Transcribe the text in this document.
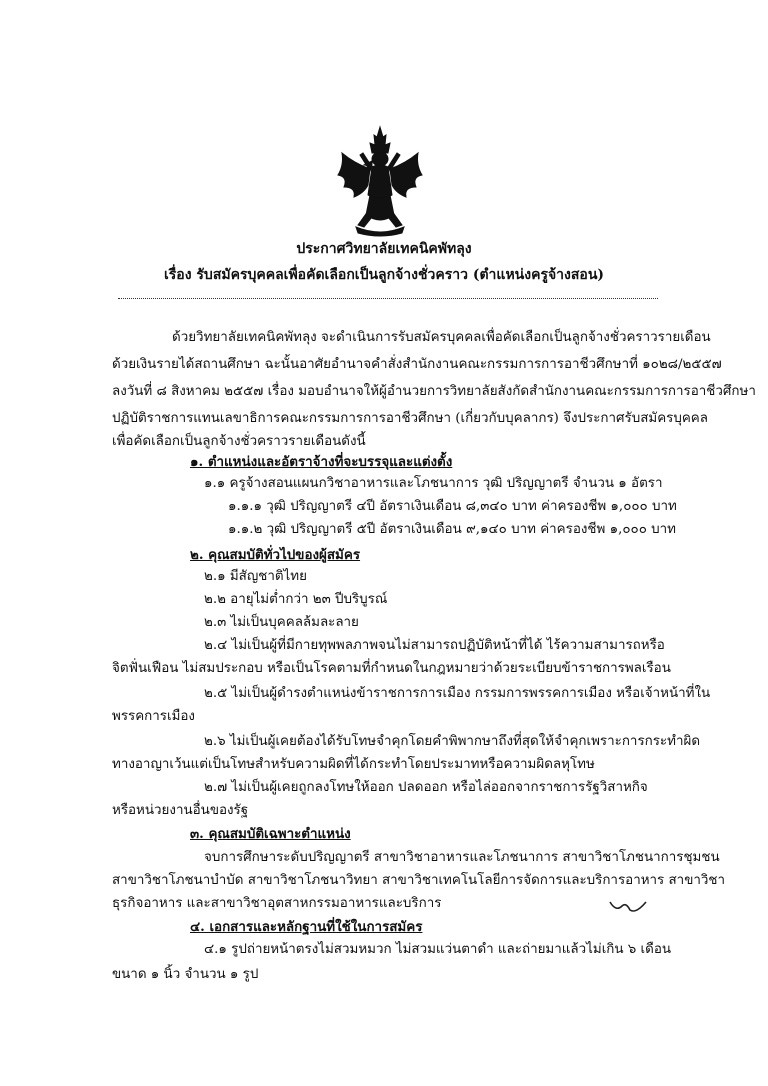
ประกาศวิทยาลัยเทคนิคพัทลุง
เรื่อง รับสมัครบุคคลเพื่อคัดเลือกเป็นลูกจ้างชั่วคราว (ตำแหน่งครูจ้างสอน)
ด้วยวิทยาลัยเทคนิคพัทลุง จะดำเนินการรับสมัครบุคคลเพื่อคัดเลือกเป็นลูกจ้างชั่วคราวรายเดือน
ด้วยเงินรายได้สถานศึกษา ฉะนั้นอาศัยอำนาจคำสั่งสำนักงานคณะกรรมการการอาชีวศึกษาที่ ๑๐๒๘/๒๕๕๗
ลงวันที่ ๘ สิงหาคม ๒๕๕๗ เรื่อง มอบอำนาจให้ผู้อำนวยการวิทยาลัยสังกัดสำนักงานคณะกรรมการการอาชีวศึกษา
ปฏิบัติราชการแทนเลขาธิการคณะกรรมการการอาชีวศึกษา (เกี่ยวกับบุคลากร) จึงประกาศรับสมัครบุคคล
เพื่อคัดเลือกเป็นลูกจ้างชั่วคราวรายเดือนดังนี้
๑. ตำแหน่งและอัตราจ้างที่จะบรรจุและแต่งตั้ง
๑.๑ ครูจ้างสอนแผนกวิชาอาหารและโภชนาการ วุฒิ ปริญญาตรี จำนวน ๑ อัตรา
๑.๑.๑ วุฒิ ปริญญาตรี ๔ปี อัตราเงินเดือน ๘,๓๔๐ บาท ค่าครองชีพ ๑,๐๐๐ บาท
๑.๑.๒ วุฒิ ปริญญาตรี ๕ปี อัตราเงินเดือน ๙,๑๔๐ บาท ค่าครองชีพ ๑,๐๐๐ บาท
๒. คุณสมบัติทั่วไปของผู้สมัคร
๒.๑ มีสัญชาติไทย
๒.๒ อายุไม่ต่ำกว่า ๒๓ ปีบริบูรณ์
๒.๓ ไม่เป็นบุคคลล้มละลาย
๒.๔ ไม่เป็นผู้ที่มีกายทุพพลภาพจนไม่สามารถปฏิบัติหน้าที่ได้ ไร้ความสามารถหรือ
จิตฟั่นเฟือน ไม่สมประกอบ หรือเป็นโรคตามที่กำหนดในกฎหมายว่าด้วยระเบียบข้าราชการพลเรือน
๒.๕ ไม่เป็นผู้ดำรงตำแหน่งข้าราชการการเมือง กรรมการพรรคการเมือง หรือเจ้าหน้าที่ใน
พรรคการเมือง
๒.๖ ไม่เป็นผู้เคยต้องได้รับโทษจำคุกโดยคำพิพากษาถึงที่สุดให้จำคุกเพราะการกระทำผิด
ทางอาญาเว้นแต่เป็นโทษสำหรับความผิดที่ได้กระทำโดยประมาทหรือความผิดลหุโทษ
๒.๗ ไม่เป็นผู้เคยถูกลงโทษให้ออก ปลดออก หรือไล่ออกจากราชการรัฐวิสาหกิจ
หรือหน่วยงานอื่นของรัฐ
๓. คุณสมบัติเฉพาะตำแหน่ง
จบการศึกษาระดับปริญญาตรี สาขาวิชาอาหารและโภชนาการ สาขาวิชาโภชนาการชุมชน
สาขาวิชาโภชนาบำบัด สาขาวิชาโภชนาวิทยา สาขาวิชาเทคโนโลยีการจัดการและบริการอาหาร สาขาวิชา
ธุรกิจอาหาร และสาขาวิชาอุตสาหกรรมอาหารและบริการ
๔. เอกสารและหลักฐานที่ใช้ในการสมัคร
๔.๑ รูปถ่ายหน้าตรงไม่สวมหมวก ไม่สวมแว่นตาดำ และถ่ายมาแล้วไม่เกิน ๖ เดือน
ขนาด ๑ นิ้ว จำนวน ๑ รูป
